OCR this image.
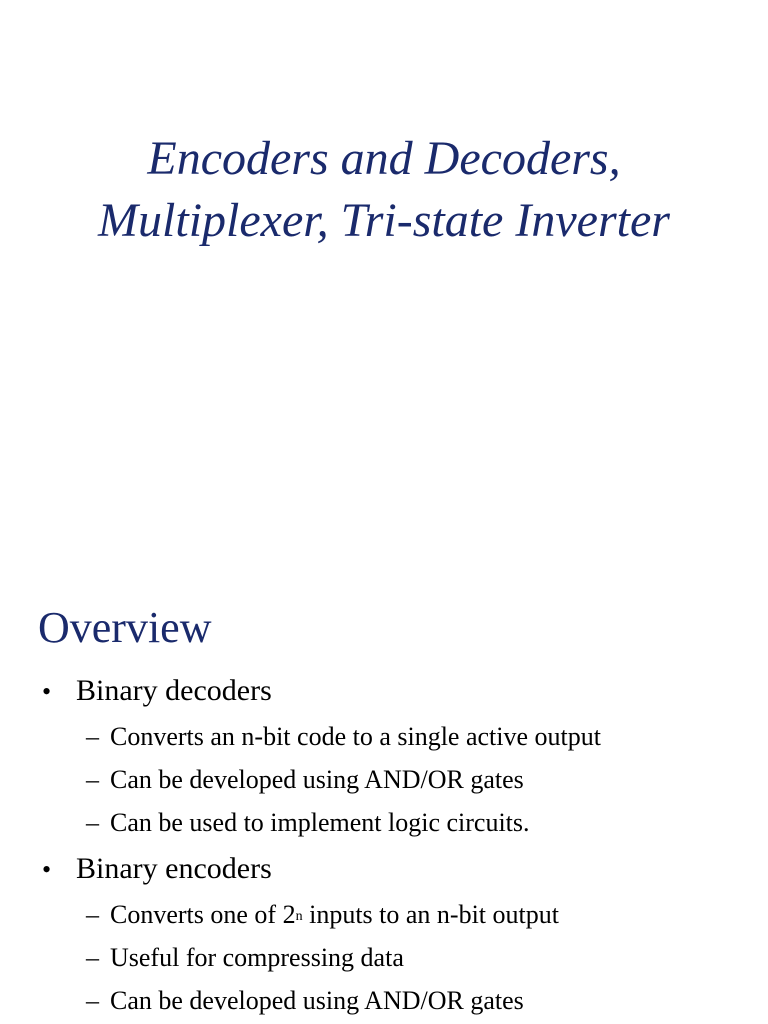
Encoders and Decoders,
Multiplexer, Tri-state Inverter
Overview
• Binary decoders
– Converts an n-bit code to a single active output
– Can be developed using AND/OR gates
– Can be used to implement logic circuits.
• Binary encoders
– Converts one of 2$^n$ inputs to an n-bit output
– Useful for compressing data
– Can be developed using AND/OR gates
